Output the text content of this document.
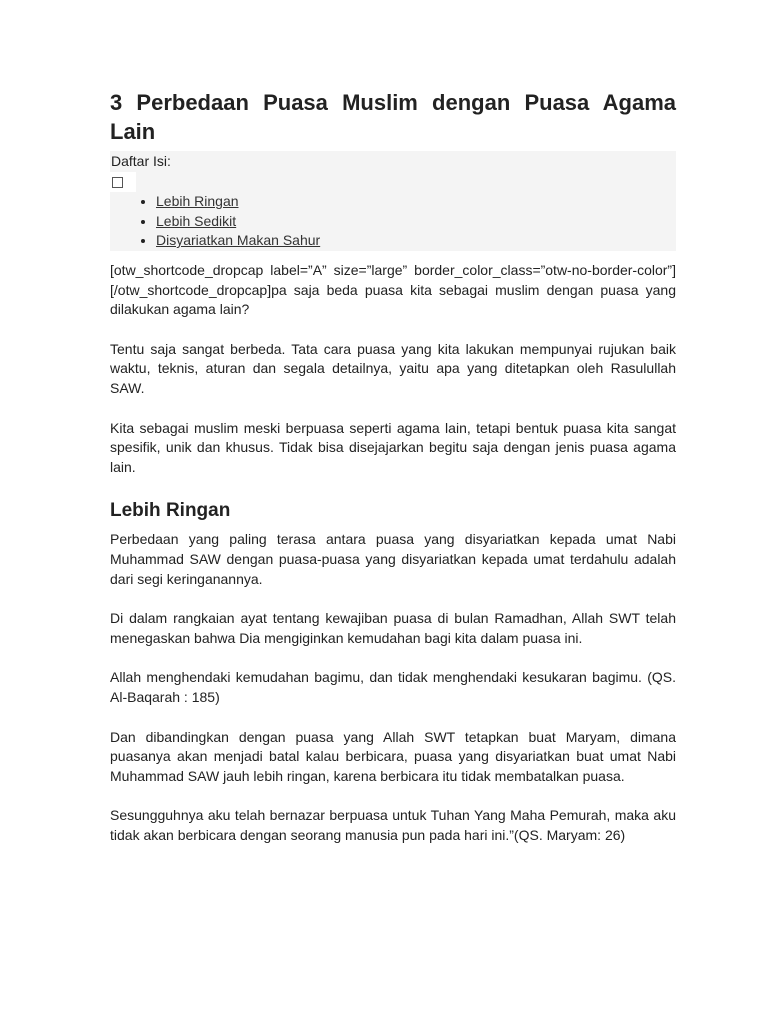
3 Perbedaan Puasa Muslim dengan Puasa Agama Lain
Daftar Isi:
• Lebih Ringan
• Lebih Sedikit
• Disyariatkan Makan Sahur

[otw_shortcode_dropcap label=”A” size=”large” border_color_class=”otw-no-border-color”][/otw_shortcode_dropcap]pa saja beda puasa kita sebagai muslim dengan puasa yang dilakukan agama lain?

Tentu saja sangat berbeda. Tata cara puasa yang kita lakukan mempunyai rujukan baik waktu, teknis, aturan dan segala detailnya, yaitu apa yang ditetapkan oleh Rasulullah SAW.

Kita sebagai muslim meski berpuasa seperti agama lain, tetapi bentuk puasa kita sangat spesifik, unik dan khusus. Tidak bisa disejajarkan begitu saja dengan jenis puasa agama lain.

Lebih Ringan

Perbedaan yang paling terasa antara puasa yang disyariatkan kepada umat Nabi Muhammad SAW dengan puasa-puasa yang disyariatkan kepada umat terdahulu adalah dari segi keringanannya.

Di dalam rangkaian ayat tentang kewajiban puasa di bulan Ramadhan, Allah SWT telah menegaskan bahwa Dia mengiginkan kemudahan bagi kita dalam puasa ini.

Allah menghendaki kemudahan bagimu, dan tidak menghendaki kesukaran bagimu. (QS. Al-Baqarah : 185)

Dan dibandingkan dengan puasa yang Allah SWT tetapkan buat Maryam, dimana puasanya akan menjadi batal kalau berbicara, puasa yang disyariatkan buat umat Nabi Muhammad SAW jauh lebih ringan, karena berbicara itu tidak membatalkan puasa.

Sesungguhnya aku telah bernazar berpuasa untuk Tuhan Yang Maha Pemurah, maka aku tidak akan berbicara dengan seorang manusia pun pada hari ini.”(QS. Maryam: 26)
